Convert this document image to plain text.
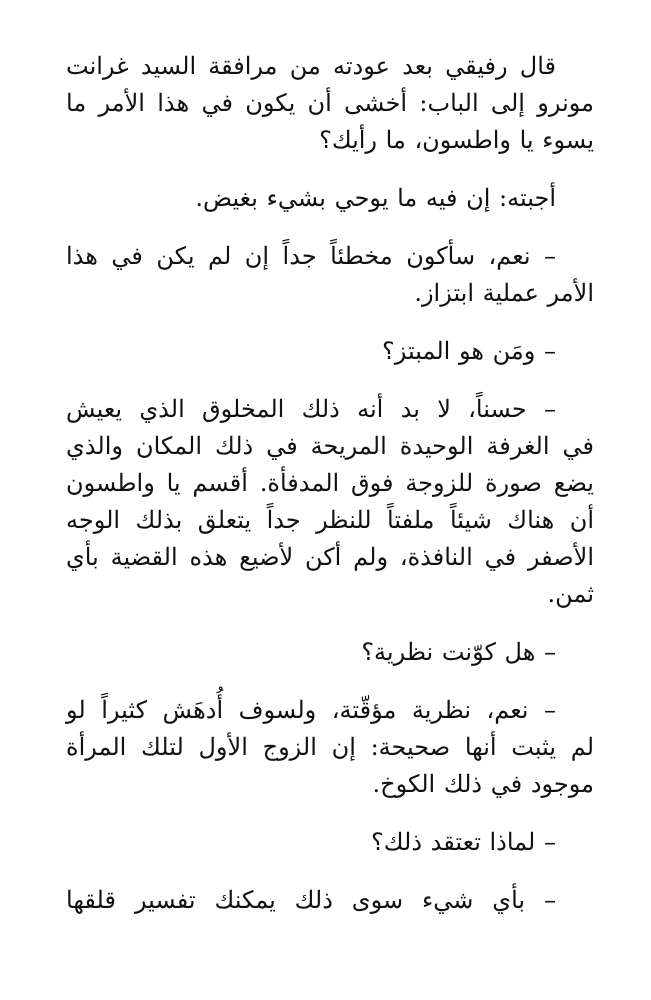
قال رفيقي بعد عودته من مرافقة السيد غرانت
مونرو إلى الباب: أخشى أن يكون في هذا الأمر ما
يسوء يا واطسون، ما رأيك؟
أجبته: إن فيه ما يوحي بشيء بغيض.
– نعم، سأكون مخطئاً جداً إن لم يكن في هذا
الأمر عملية ابتزاز.
– ومَن هو المبتز؟
– حسناً، لا بد أنه ذلك المخلوق الذي يعيش
في الغرفة الوحيدة المريحة في ذلك المكان والذي
يضع صورة للزوجة فوق المدفأة. أقسم يا واطسون
أن هناك شيئاً ملفتاً للنظر جداً يتعلق بذلك الوجه
الأصفر في النافذة، ولم أكن لأضيع هذه القضية بأي
ثمن.
– هل كوّنت نظرية؟
– نعم، نظرية مؤقّتة، ولسوف أُدهَش كثيراً لو
لم يثبت أنها صحيحة: إن الزوج الأول لتلك المرأة
موجود في ذلك الكوخ.
– لماذا تعتقد ذلك؟
– بأي شيء سوى ذلك يمكنك تفسير قلقها
